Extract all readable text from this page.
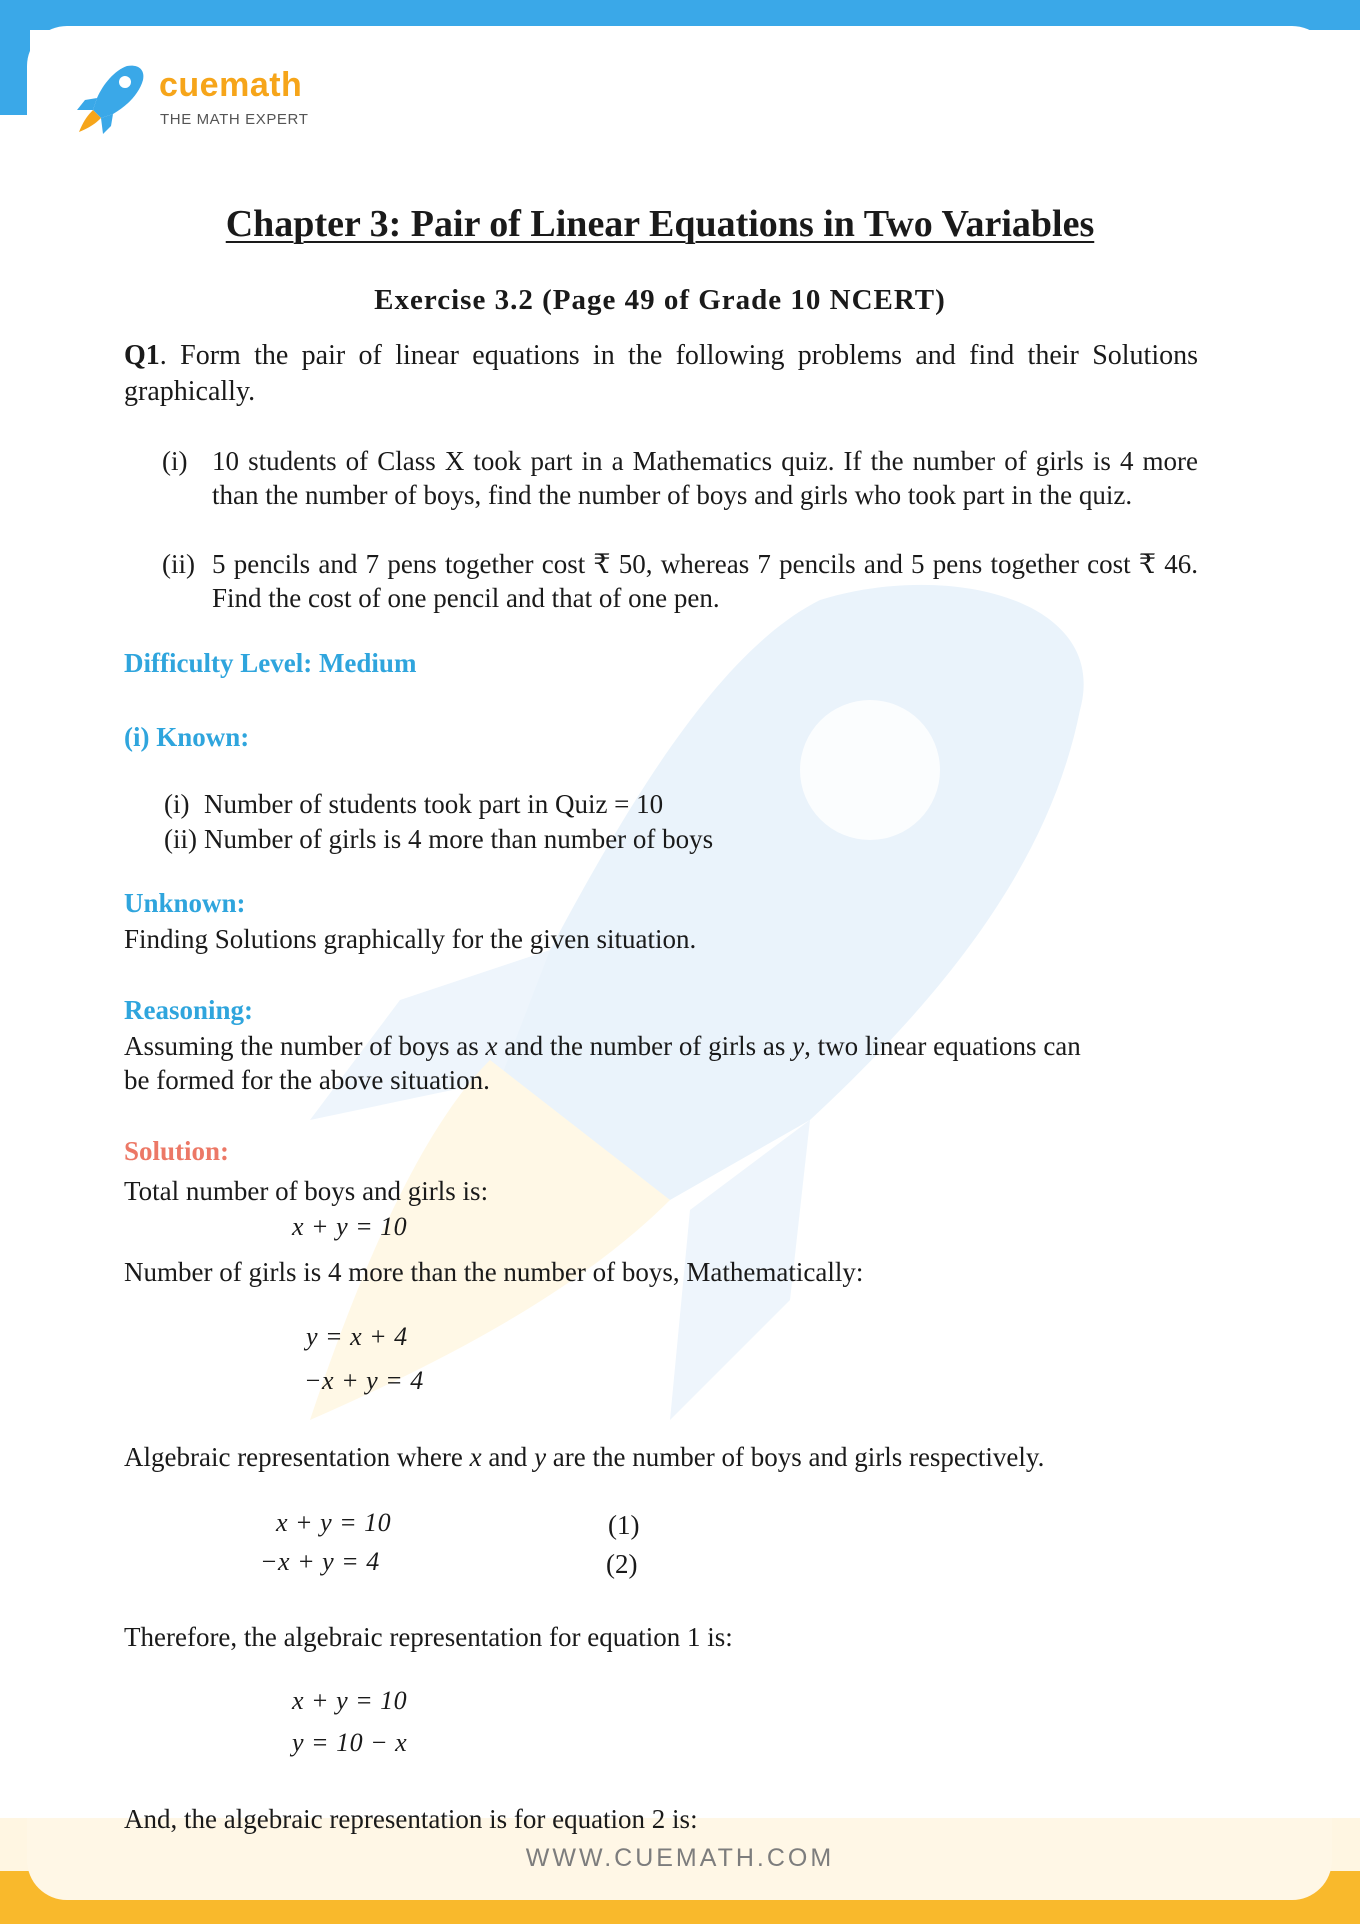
cuemath
THE MATH EXPERT
Chapter 3: Pair of Linear Equations in Two Variables
Exercise 3.2 (Page 49 of Grade 10 NCERT)
Q1. Form the pair of linear equations in the following problems and find their Solutions graphically.
(i) 10 students of Class X took part in a Mathematics quiz. If the number of girls is 4 more than the number of boys, find the number of boys and girls who took part in the quiz.
(ii) 5 pencils and 7 pens together cost ₹ 50, whereas 7 pencils and 5 pens together cost ₹ 46. Find the cost of one pencil and that of one pen.
Difficulty Level: Medium
(i) Known:
(i) Number of students took part in Quiz = 10
(ii) Number of girls is 4 more than number of boys
Unknown:
Finding Solutions graphically for the given situation.
Reasoning:
Assuming the number of boys as x and the number of girls as y, two linear equations can
be formed for the above situation.
Solution:
Total number of boys and girls is:
x + y = 10
Number of girls is 4 more than the number of boys, Mathematically:
y = x + 4
−x + y = 4
Algebraic representation where x and y are the number of boys and girls respectively.
x + y = 10	(1)
−x + y = 4	(2)
Therefore, the algebraic representation for equation 1 is:
x + y = 10
y = 10 − x
And, the algebraic representation is for equation 2 is:
WWW.CUEMATH.COM
